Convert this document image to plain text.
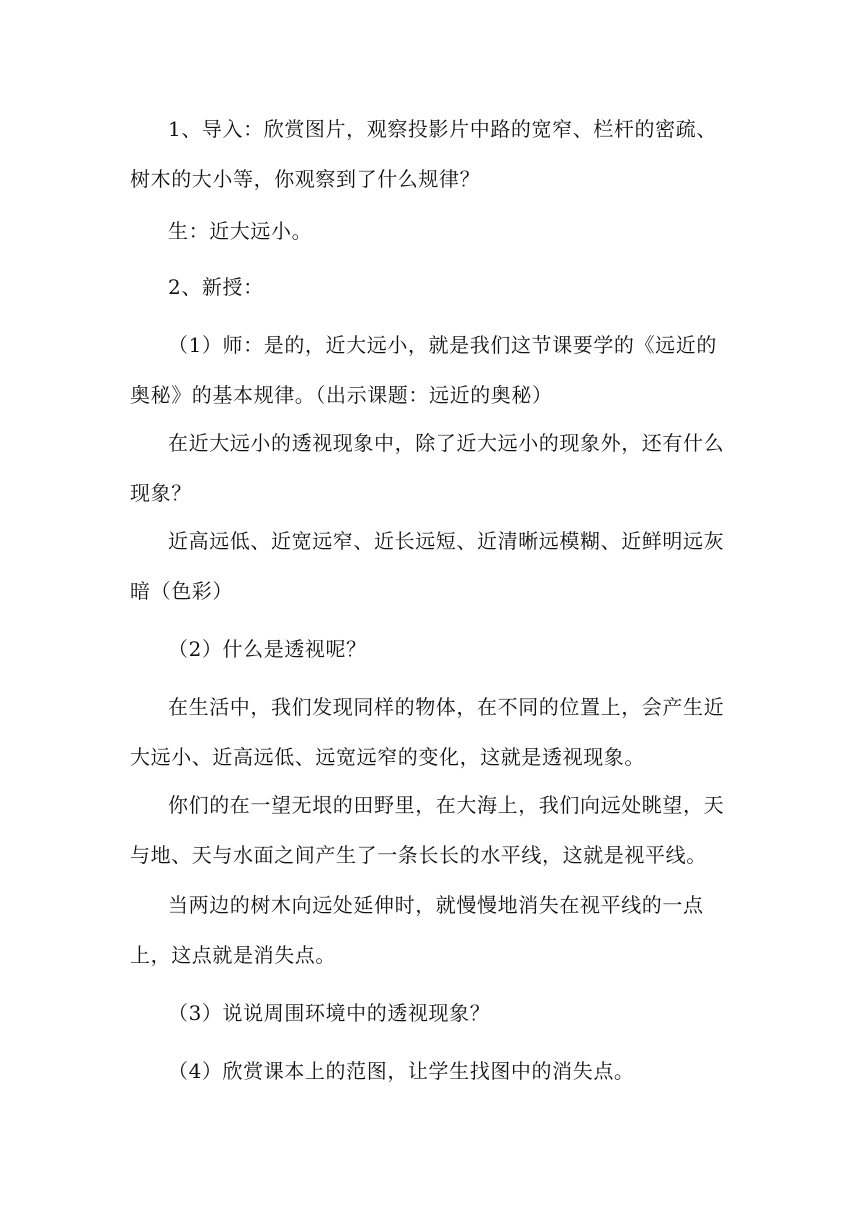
1、导入：欣赏图片，观察投影片中路的宽窄、栏杆的密疏、树木的大小等，你观察到了什么规律？

生：近大远小。

2、新授：

（1）师：是的，近大远小，就是我们这节课要学的《远近的奥秘》的基本规律。（出示课题：远近的奥秘）

在近大远小的透视现象中，除了近大远小的现象外，还有什么现象？

近高远低、近宽远窄、近长远短、近清晰远模糊、近鲜明远灰暗（色彩）

（2）什么是透视呢？

在生活中，我们发现同样的物体，在不同的位置上，会产生近大远小、近高远低、远宽远窄的变化，这就是透视现象。

你们的在一望无垠的田野里，在大海上，我们向远处眺望，天与地、天与水面之间产生了一条长长的水平线，这就是视平线。

当两边的树木向远处延伸时，就慢慢地消失在视平线的一点上，这点就是消失点。

（3）说说周围环境中的透视现象？

（4）欣赏课本上的范图，让学生找图中的消失点。
